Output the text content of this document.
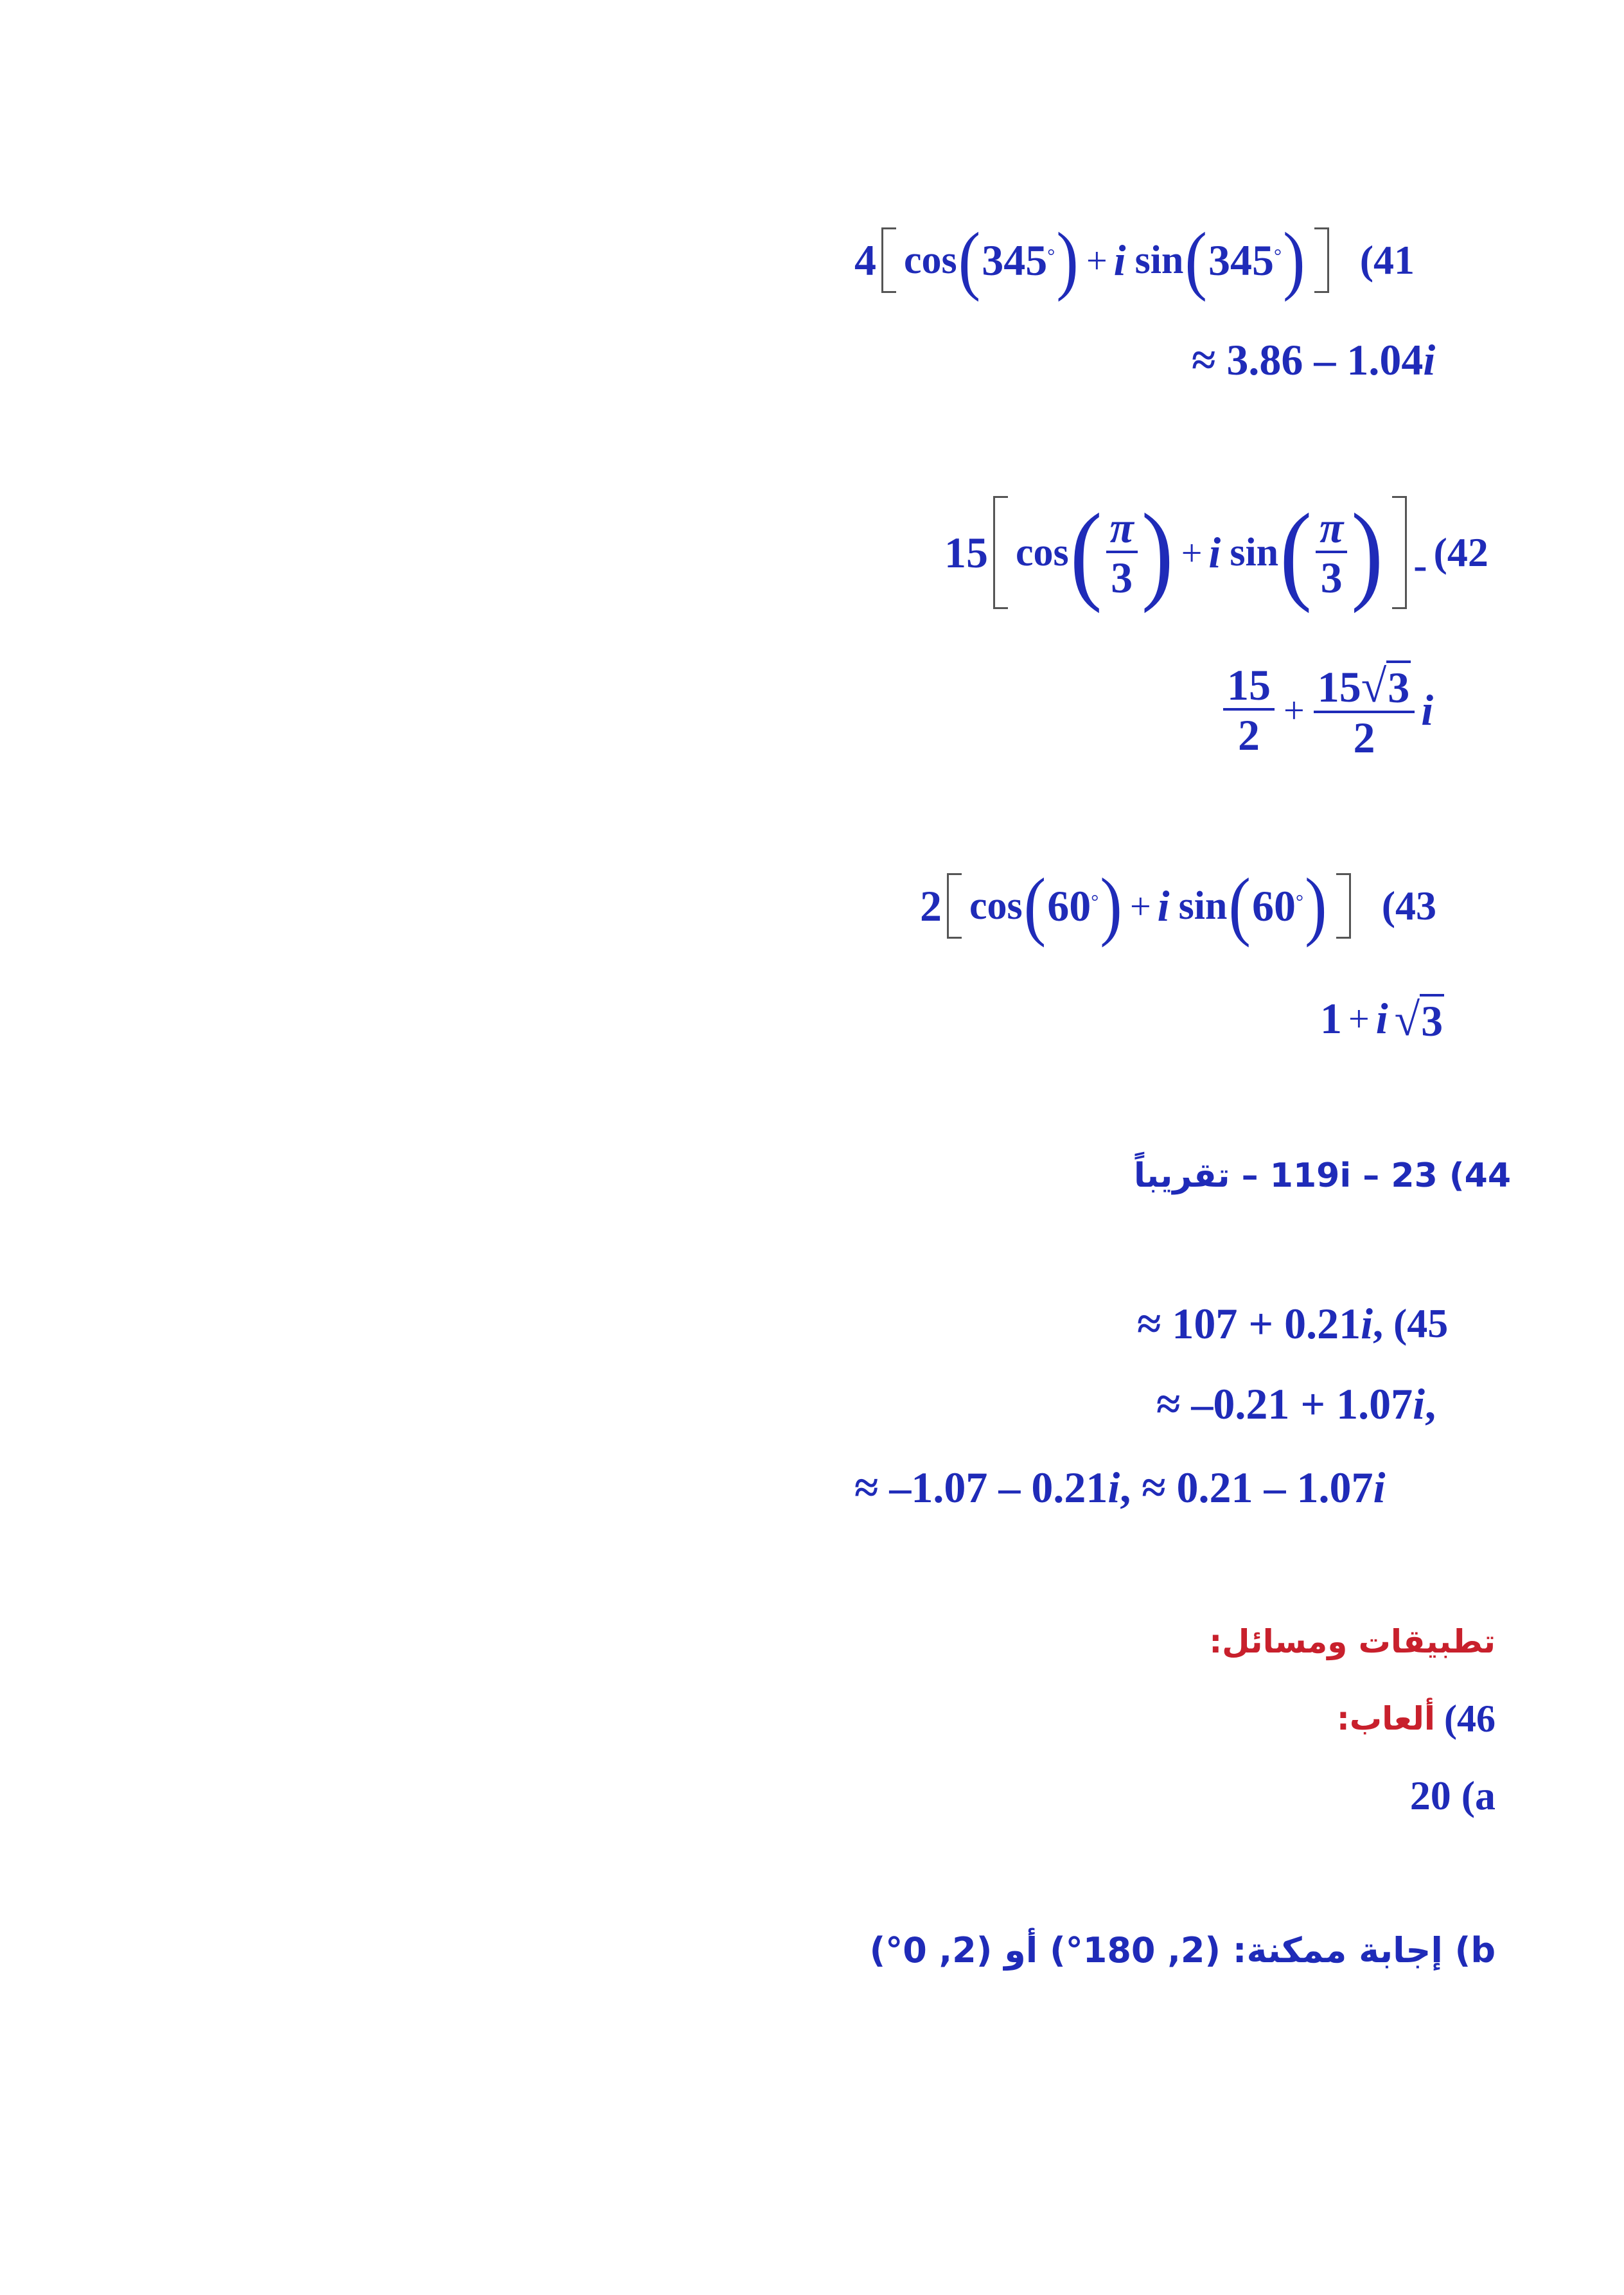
4 cos ( 345 ° ) + i sin ( 345 ° ) (41
≈ 3.86 – 1.04 i
15 cos ( $\frac{\pi}{3}$ ) + i sin ( $\frac{\pi}{3}$ ) - (42
$\frac{15}{2} + \frac{15 √ 3}{2}$ i
2 cos ( 60 ° ) + i sin ( 60 ° ) (43
1 + i √ 3
44) 23 – 119i – تقريباً
≈ 107 + 0.21 i , (45
≈ –0.21 + 1.07 i ,
≈ –1.07 – 0.21 i , ≈ 0.21 – 1.07 i
تطبيقات ومسائل:
46)
ألعاب:
20 (a
b) إجابة ممكنة: (2, 180°) أو (2, 0°)
